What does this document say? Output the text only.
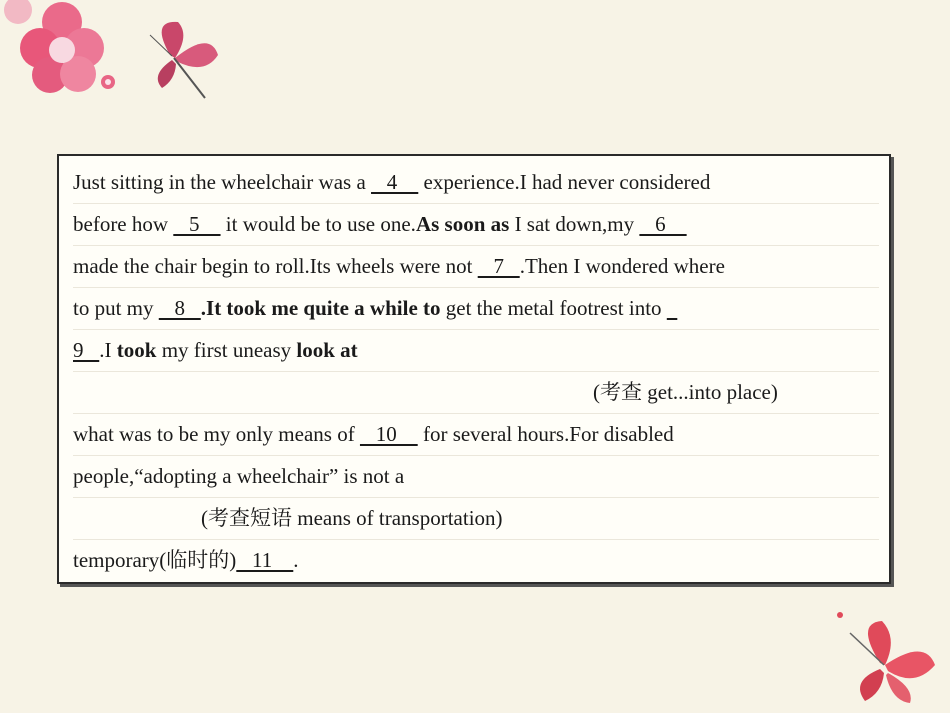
Just sitting in the wheelchair was a    4     experience.I had never considered
before how    5     it would be to use one.As soon as I sat down,my    6
made the chair begin to roll.Its wheels were not    7   .Then I wondered where
to put my    8   .It took me quite a while to get the metal footrest into
9   .I took my first uneasy look at
(考查 get...into place)
what was to be my only means of    10     for several hours.For disabled
people,“adopting a wheelchair” is not a
(考查短语 means of transportation)
temporary(临时的)   11    .
